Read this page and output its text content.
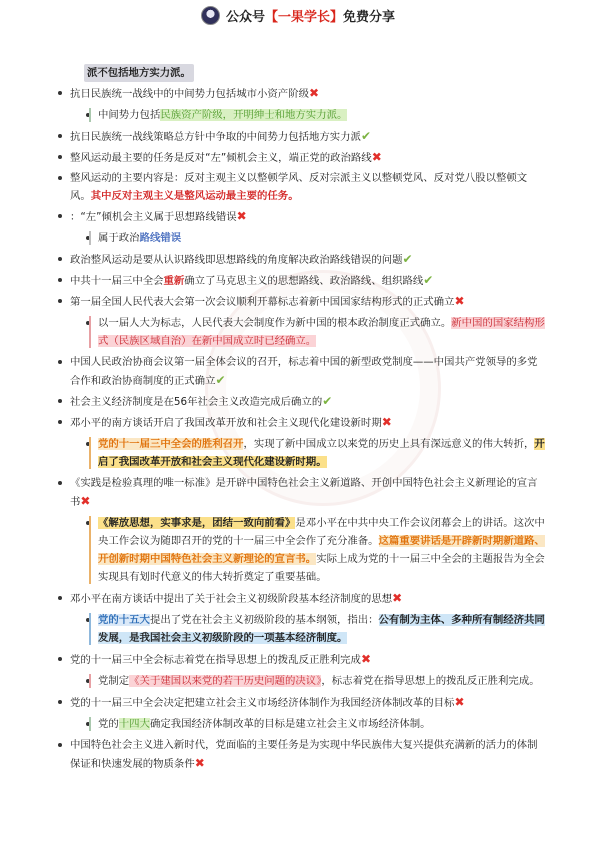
公众号 【 一果学长 】 免费分享
派不包括地方实力派。
抗日民族统一战线中的中间势力包括城市小资产阶级✖
中间势力包括民族资产阶级，开明绅士和地方实力派。
抗日民族统一战线策略总方针中争取的中间势力包括地方实力派✔
整风运动最主要的任务是反对“左”倾机会主义，端正党的政治路线✖
整风运动的主要内容是：反对主观主义以整顿学风、反对宗派主义以整顿党风、反对党八股以整顿文风。其中反对主观主义是整风运动最主要的任务。
：“左”倾机会主义属于思想路线错误✖
属于政治路线错误
政治整风运动是要从认识路线即思想路线的角度解决政治路线错误的问题✔
中共十一届三中全会重新确立了马克思主义的思想路线、政治路线、组织路线✔
第一届全国人民代表大会第一次会议顺利开幕标志着新中国国家结构形式的正式确立✖
以一届人大为标志，人民代表大会制度作为新中国的根本政治制度正式确立。新中国的国家结构形式（民族区域自治）在新中国成立时已经确立。
中国人民政治协商会议第一届全体会议的召开，标志着中国的新型政党制度——中国共产党领导的多党合作和政治协商制度的正式确立✔
社会主义经济制度是在56年社会主义改造完成后确立的✔
邓小平的南方谈话开启了我国改革开放和社会主义现代化建设新时期✖
党的十一届三中全会的胜利召开，实现了新中国成立以来党的历史上具有深远意义的伟大转折，开启了我国改革开放和社会主义现代化建设新时期。
《实践是检验真理的唯一标准》是开辟中国特色社会主义新道路、开创中国特色社会主义新理论的宣言书✖
《解放思想，实事求是，团结一致向前看》是邓小平在中共中央工作会议闭幕会上的讲话。这次中央工作会议为随即召开的党的十一届三中全会作了充分准备。这篇重要讲话是开辟新时期新道路、开创新时期中国特色社会主义新理论的宣言书。实际上成为党的十一届三中全会的主题报告为全会实现具有划时代意义的伟大转折奠定了重要基础。
邓小平在南方谈话中提出了关于社会主义初级阶段基本经济制度的思想✖
党的十五大提出了党在社会主义初级阶段的基本纲领，指出：公有制为主体、多种所有制经济共同发展，是我国社会主义初级阶段的一项基本经济制度。
党的十一届三中全会标志着党在指导思想上的拨乱反正胜利完成✖
党制定《关于建国以来党的若干历史问题的决议》，标志着党在指导思想上的拨乱反正胜利完成。
党的十一届三中全会决定把建立社会主义市场经济体制作为我国经济体制改革的目标✖
党的十四大确定我国经济体制改革的目标是建立社会主义市场经济体制。
中国特色社会主义进入新时代，党面临的主要任务是为实现中华民族伟大复兴提供充满新的活力的体制保证和快速发展的物质条件✖
